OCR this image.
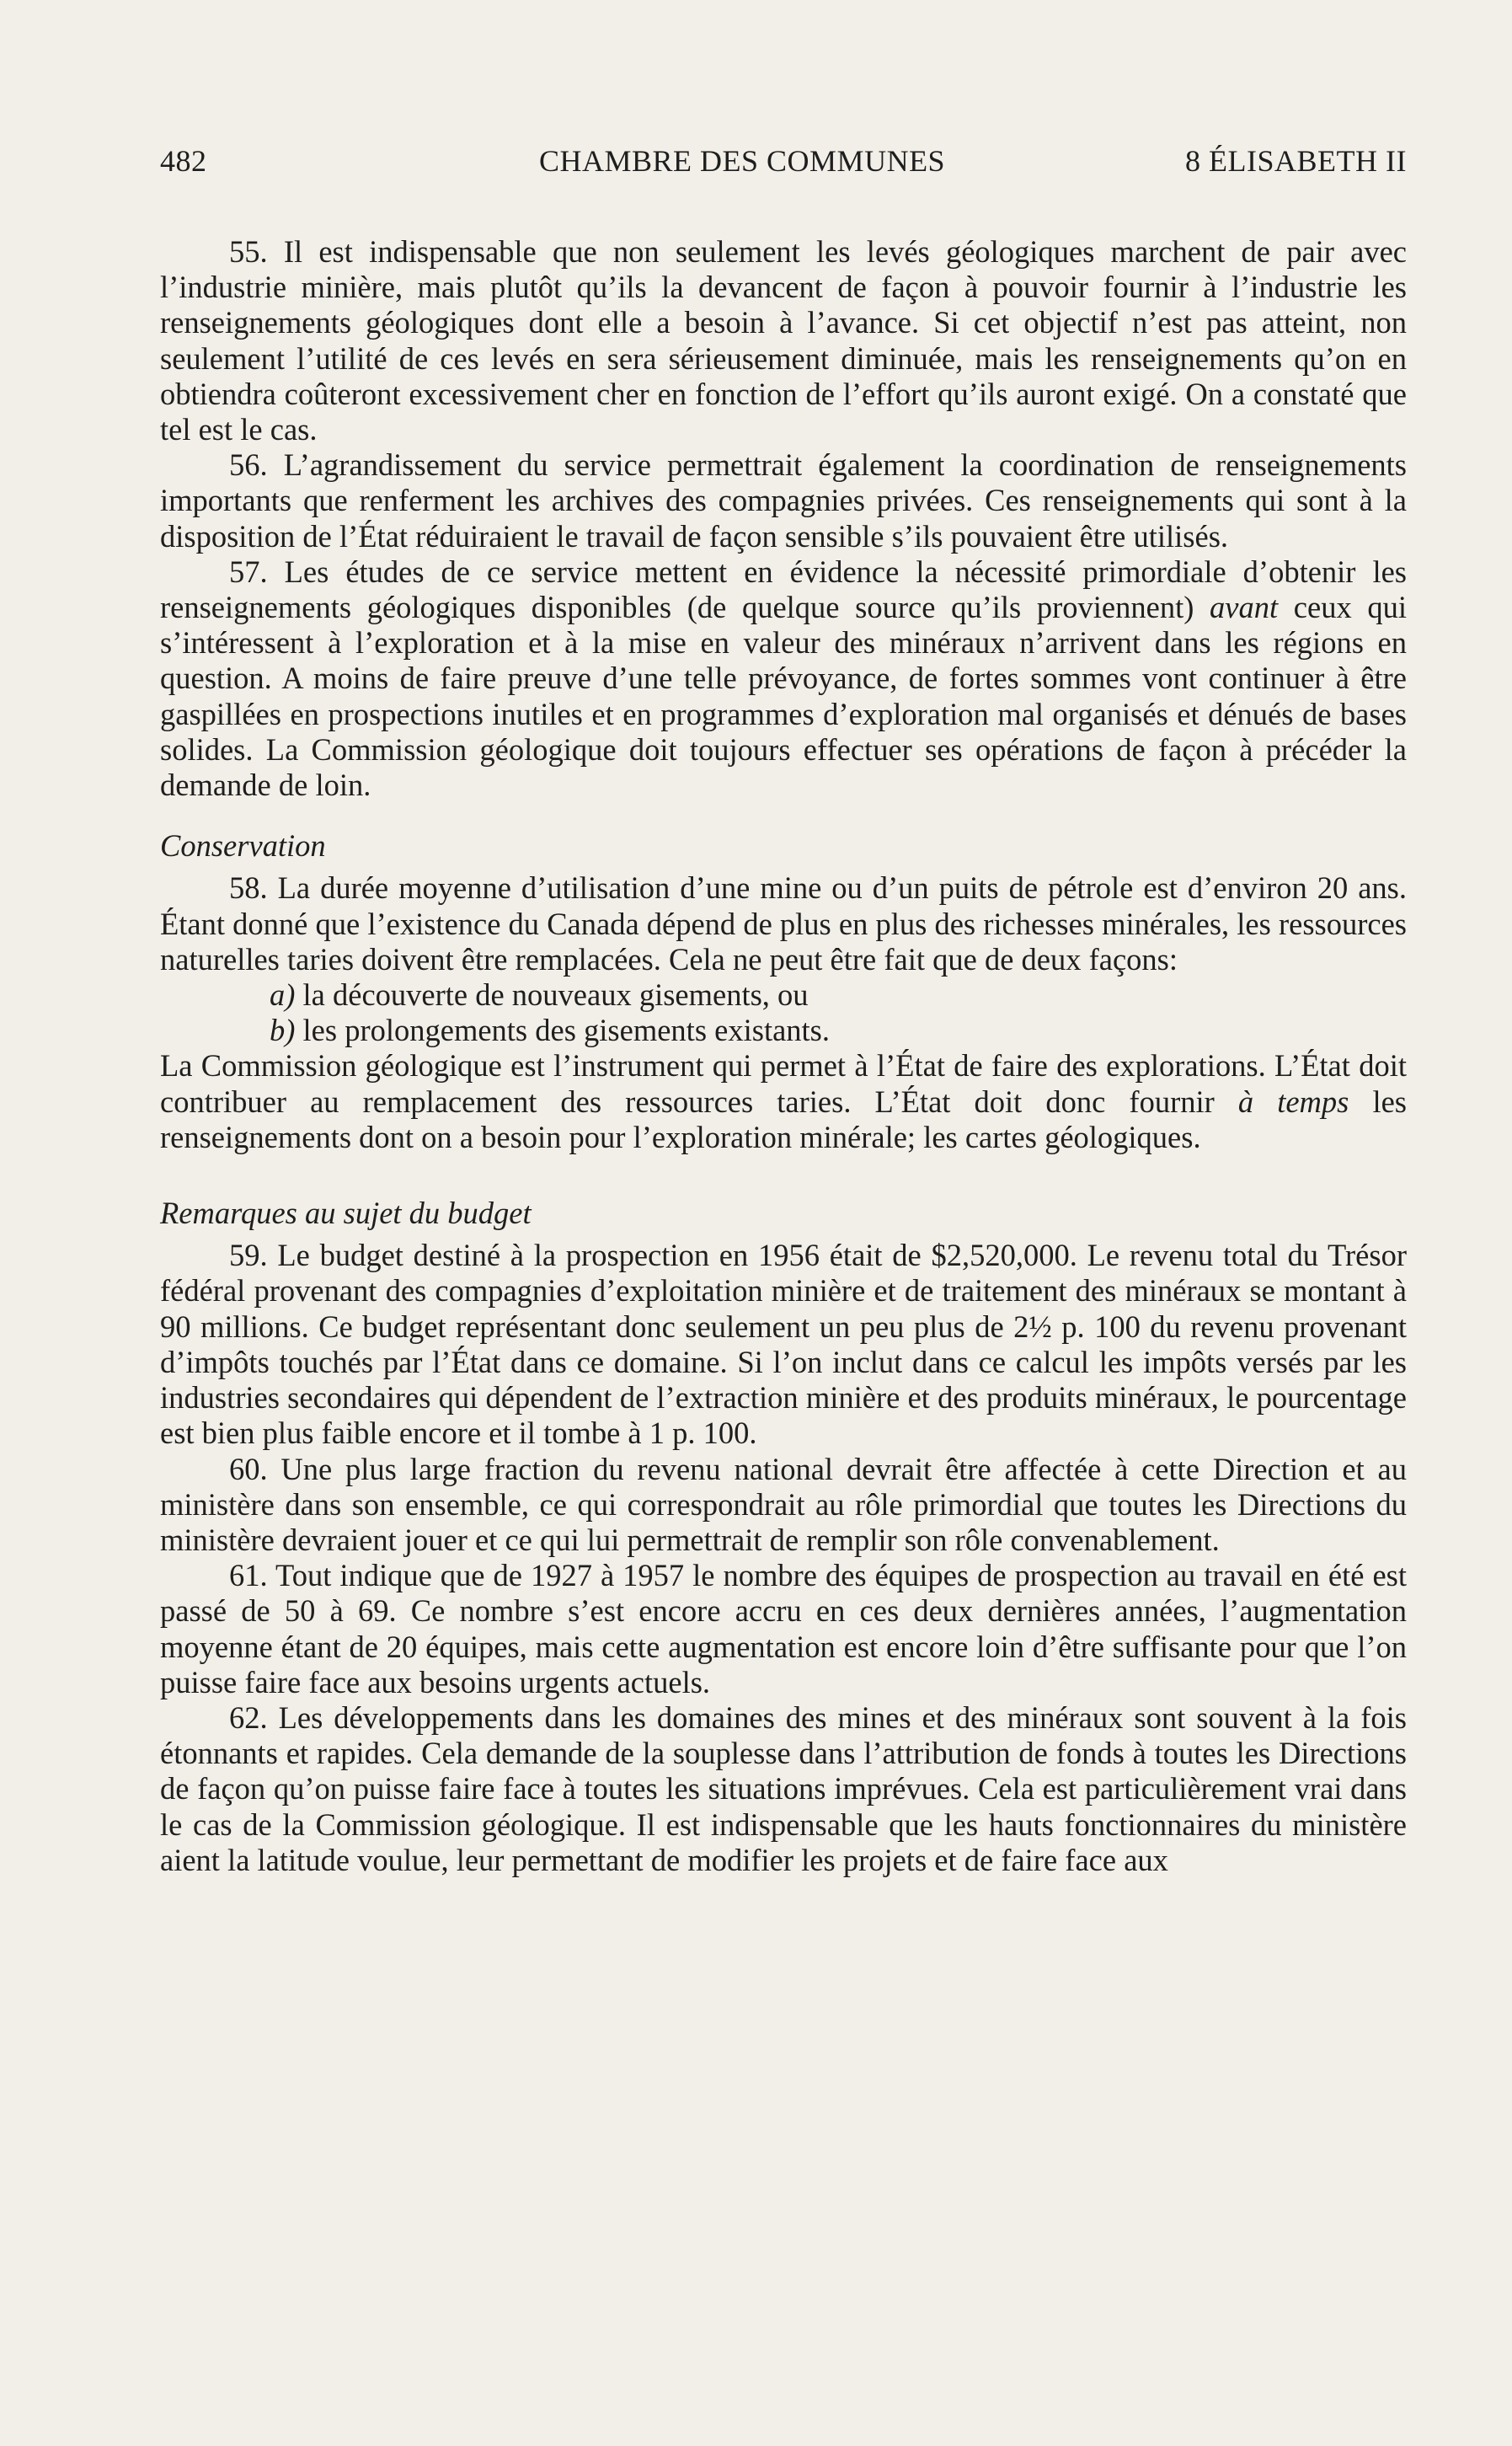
482	CHAMBRE DES COMMUNES	8 ÉLISABETH II

55. Il est indispensable que non seulement les levés géologiques marchent de pair avec l’industrie minière, mais plutôt qu’ils la devancent de façon à pouvoir fournir à l’industrie les renseignements géologiques dont elle a besoin à l’avance. Si cet objectif n’est pas atteint, non seulement l’utilité de ces levés en sera sérieusement diminuée, mais les renseignements qu’on en obtiendra coûteront excessivement cher en fonction de l’effort qu’ils auront exigé. On a constaté que tel est le cas.

56. L’agrandissement du service permettrait également la coordination de renseignements importants que renferment les archives des compagnies privées. Ces renseignements qui sont à la disposition de l’État réduiraient le travail de façon sensible s’ils pouvaient être utilisés.

57. Les études de ce service mettent en évidence la nécessité primordiale d’obtenir les renseignements géologiques disponibles (de quelque source qu’ils proviennent) avant ceux qui s’intéressent à l’exploration et à la mise en valeur des minéraux n’arrivent dans les régions en question. A moins de faire preuve d’une telle prévoyance, de fortes sommes vont continuer à être gaspillées en prospections inutiles et en programmes d’exploration mal organisés et dénués de bases solides. La Commission géologique doit toujours effectuer ses opérations de façon à précéder la demande de loin.

Conservation

58. La durée moyenne d’utilisation d’une mine ou d’un puits de pétrole est d’environ 20 ans. Étant donné que l’existence du Canada dépend de plus en plus des richesses minérales, les ressources naturelles taries doivent être remplacées. Cela ne peut être fait que de deux façons:

a) la découverte de nouveaux gisements, ou

b) les prolongements des gisements existants.

La Commission géologique est l’instrument qui permet à l’État de faire des explorations. L’État doit contribuer au remplacement des ressources taries. L’État doit donc fournir à temps les renseignements dont on a besoin pour l’exploration minérale; les cartes géologiques.

Remarques au sujet du budget

59. Le budget destiné à la prospection en 1956 était de $2,520,000. Le revenu total du Trésor fédéral provenant des compagnies d’exploitation minière et de traitement des minéraux se montant à 90 millions. Ce budget représentant donc seulement un peu plus de 2½ p. 100 du revenu provenant d’impôts touchés par l’État dans ce domaine. Si l’on inclut dans ce calcul les impôts versés par les industries secondaires qui dépendent de l’extraction minière et des produits minéraux, le pourcentage est bien plus faible encore et il tombe à 1 p. 100.

60. Une plus large fraction du revenu national devrait être affectée à cette Direction et au ministère dans son ensemble, ce qui correspondrait au rôle primordial que toutes les Directions du ministère devraient jouer et ce qui lui permettrait de remplir son rôle convenablement.

61. Tout indique que de 1927 à 1957 le nombre des équipes de prospection au travail en été est passé de 50 à 69. Ce nombre s’est encore accru en ces deux dernières années, l’augmentation moyenne étant de 20 équipes, mais cette augmentation est encore loin d’être suffisante pour que l’on puisse faire face aux besoins urgents actuels.

62. Les développements dans les domaines des mines et des minéraux sont souvent à la fois étonnants et rapides. Cela demande de la souplesse dans l’attribution de fonds à toutes les Directions de façon qu’on puisse faire face à toutes les situations imprévues. Cela est particulièrement vrai dans le cas de la Commission géologique. Il est indispensable que les hauts fonctionnaires du ministère aient la latitude voulue, leur permettant de modifier les projets et de faire face aux
